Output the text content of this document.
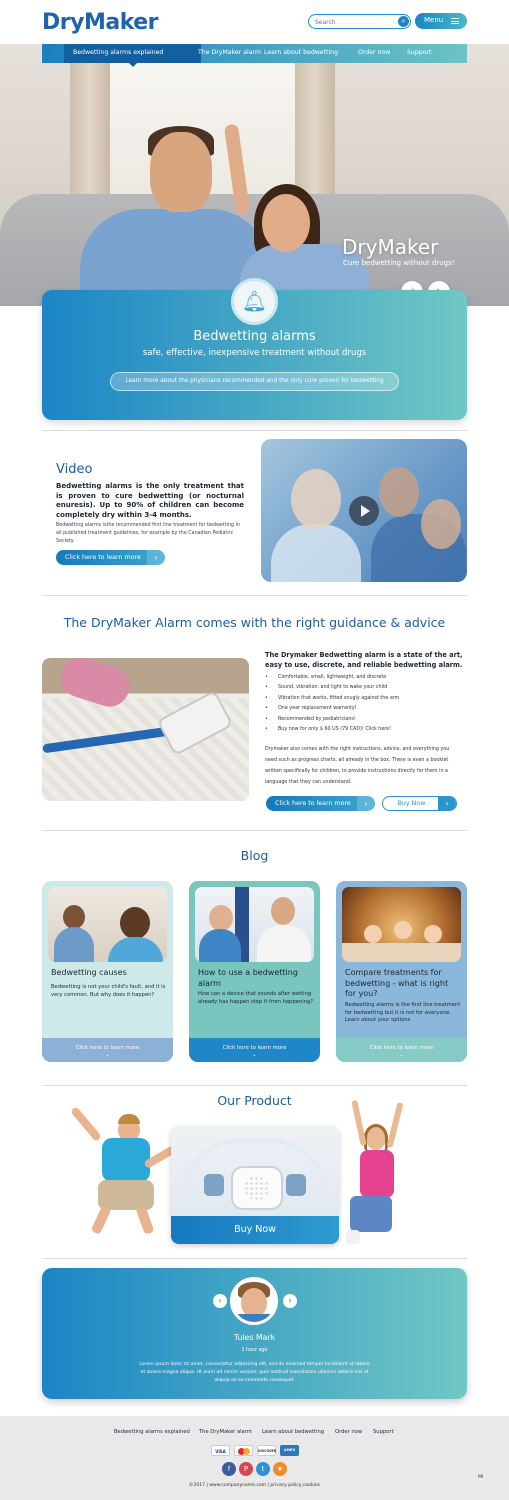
DryMaker
Search	⌕	Menu
DryMaker
Cure bedwetting without drugs!
Bedwetting alarms explained	The DryMaker alarm Learn about bedwetting	Order now	Support
🔔︎
Bedwetting alarms
safe, effective, inexpensive treatment without drugs
Learn more about the physicians recommended and the only cure proven for bedwetting
Video
Bedwetting alarms is the only treatment that is proven to cure bedwetting (or nocturnal enuresis). Up to 90% of children can become completely dry within 3-4 months.
Bedwetting alarms isthe recommended first line treatment for bedwetting in all published treatment guidelines, for example by the Canadian Pediatric Society.
Click here to learn more	›
The DryMaker Alarm comes with the right guidance & advice
The Drymaker Bedwetting alarm is a state of the art, easy to use, discrete, and reliable bedwetting alarm.
• Comfortable, small, lightweight, and discrete
• Sound, vibration, and light to wake your child
• Vibration that works, fitted snugly against the arm
• One year replacement warranty!
• Recommended by pediatricians!
• Buy now for only $ 60 US (79 CAD)! Click here!
Drymaker also comes with the right instructions, advice, and everything you need such as progress charts, all already in the box. There is even a booklet written specifically for children, to provide instructions directly for them in a language that they can understand.
Click here to learn more	›	Buy Now	›
Blog
Bedwetting causes
Bedwetting is not your child's fault, and it is very common. But why does it happen?
Click here to learn more
⌄
How to use a bedwetting alarm
How can a device that sounds after wetting already has happen stop it from happening?
Click here to learn more
⌄
Compare treatments for bedwetting - what is right for you?
Bedwetting alarms is the first line treatment for bedwetting but it is not for everyone. Learn about your options
Click here to learn more
⌄
Our Product
Buy Now
‹	›
Tules Mark
1 hour ago
Lorem ipsum dolor sit amet, consectetur adipiscing elit, sed do eiusmod tempor incididunt ut labore et dolore magna aliqua. Ut enim ad minim veniam, quis nostrud exercitation ullamco laboris nisi ut aliquip ex ea commodo consequat.
Bedwetting alarms explained The DryMaker alarm Learn about bedwetting Order now Support
VISA	DISCOVER	AMEX
f	P	t	◉
©2017 | www.companyname.com | privacy policy,cookies
MI
